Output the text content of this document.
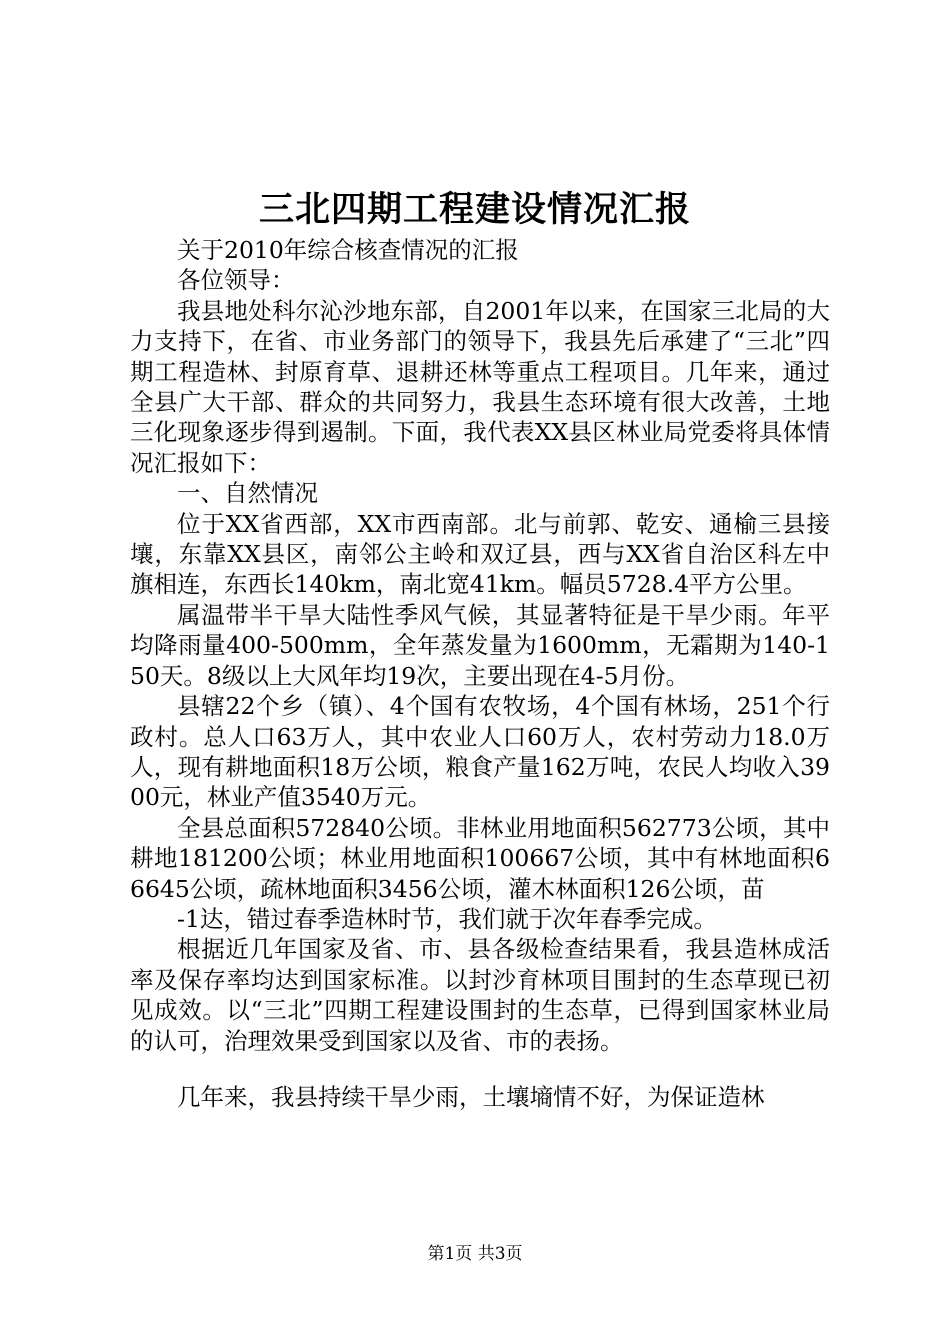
三北四期工程建设情况汇报

关于2010年综合核查情况的汇报

各位领导：

我县地处科尔沁沙地东部，自2001年以来，在国家三北局的大力支持下，在省、市业务部门的领导下，我县先后承建了“三北”四期工程造林、封原育草、退耕还林等重点工程项目。几年来，通过全县广大干部、群众的共同努力，我县生态环境有很大改善，土地三化现象逐步得到遏制。下面，我代表XX县区林业局党委将具体情况汇报如下：

一、自然情况

位于XX省西部，XX市西南部。北与前郭、乾安、通榆三县接壤，东靠XX县区，南邻公主岭和双辽县，西与XX省自治区科左中旗相连，东西长140km，南北宽41km。幅员5728.4平方公里。

属温带半干旱大陆性季风气候，其显著特征是干旱少雨。年平均降雨量400-500mm，全年蒸发量为1600mm，无霜期为140-150天。8级以上大风年均19次，主要出现在4-5月份。

县辖22个乡（镇）、4个国有农牧场，4个国有林场，251个行政村。总人口63万人，其中农业人口60万人，农村劳动力18.0万人，现有耕地面积18万公顷，粮食产量162万吨，农民人均收入3900元，林业产值3540万元。

全县总面积572840公顷。非林业用地面积562773公顷，其中耕地181200公顷；林业用地面积100667公顷，其中有林地面积66645公顷，疏林地面积3456公顷，灌木林面积126公顷，苗

-1达，错过春季造林时节，我们就于次年春季完成。

根据近几年国家及省、市、县各级检查结果看，我县造林成活率及保存率均达到国家标准。以封沙育林项目围封的生态草现已初见成效。以“三北”四期工程建设围封的生态草，已得到国家林业局的认可，治理效果受到国家以及省、市的表扬。

几年来，我县持续干旱少雨，土壤墒情不好，为保证造林

第1页 共3页
